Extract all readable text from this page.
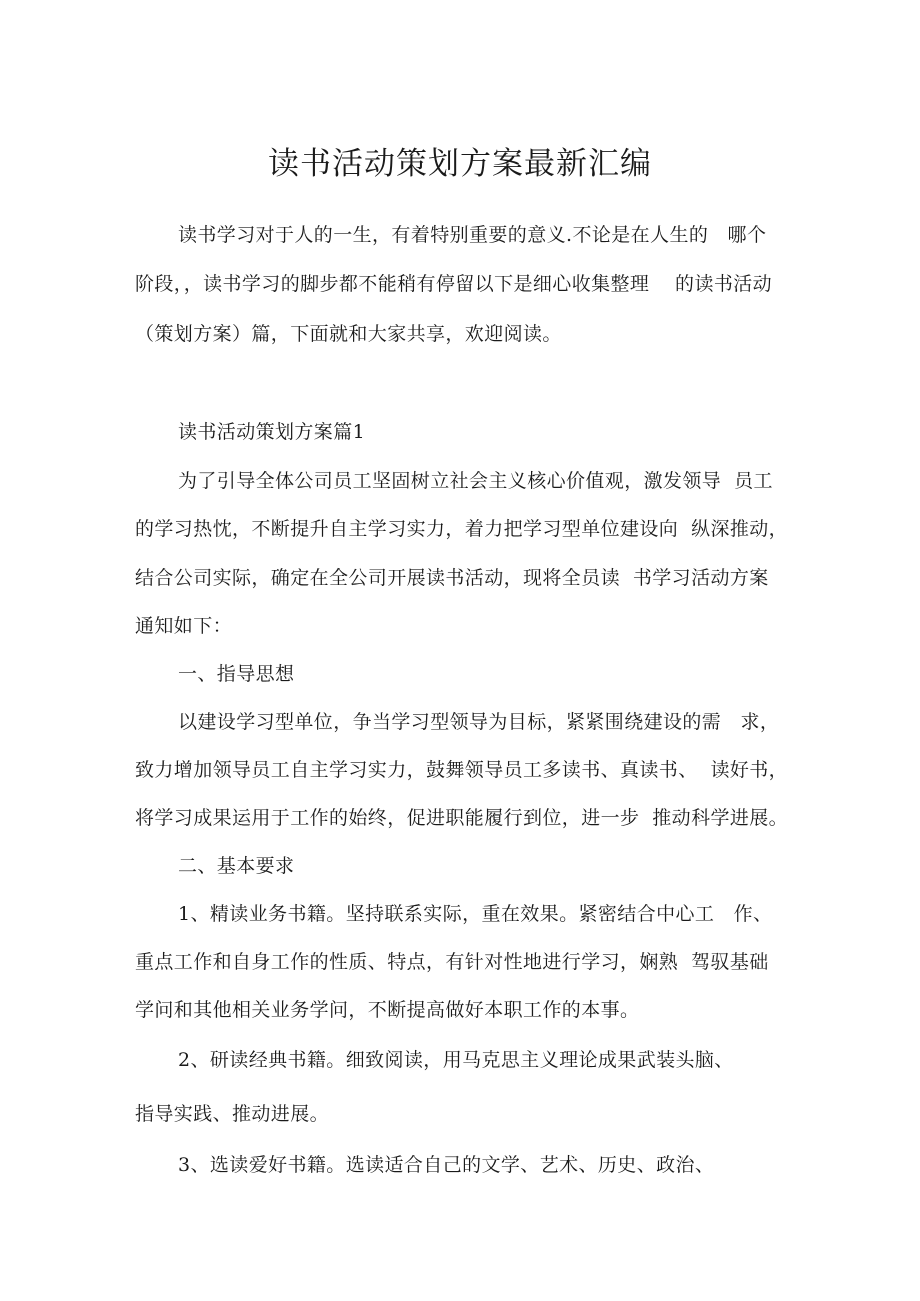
读书活动策划方案最新汇编
读书学习对于人的一生，有着特别重要的意义.不论是在人生的   哪个
阶段，，读书学习的脚步都不能稍有停留以下是细心收集整理    的读书活动
（策划方案）篇，下面就和大家共享，欢迎阅读。
读书活动策划方案篇1
为了引导全体公司员工坚固树立社会主义核心价值观，激发领导  员工
的学习热忱，不断提升自主学习实力，着力把学习型单位建设向  纵深推动，
结合公司实际，确定在全公司开展读书活动，现将全员读  书学习活动方案
通知如下：
一、指导思想
以建设学习型单位，争当学习型领导为目标，紧紧围绕建设的需   求，
致力增加领导员工自主学习实力，鼓舞领导员工多读书、真读书、  读好书，
将学习成果运用于工作的始终，促进职能履行到位，进一步  推动科学进展。
二、基本要求
1、精读业务书籍。坚持联系实际，重在效果。紧密结合中心工   作、
重点工作和自身工作的性质、特点，有针对性地进行学习，娴熟  驾驭基础
学问和其他相关业务学问，不断提高做好本职工作的本事。
2、研读经典书籍。细致阅读，用马克思主义理论成果武装头脑、
指导实践、推动进展。
3、选读爱好书籍。选读适合自己的文学、艺术、历史、政治、
